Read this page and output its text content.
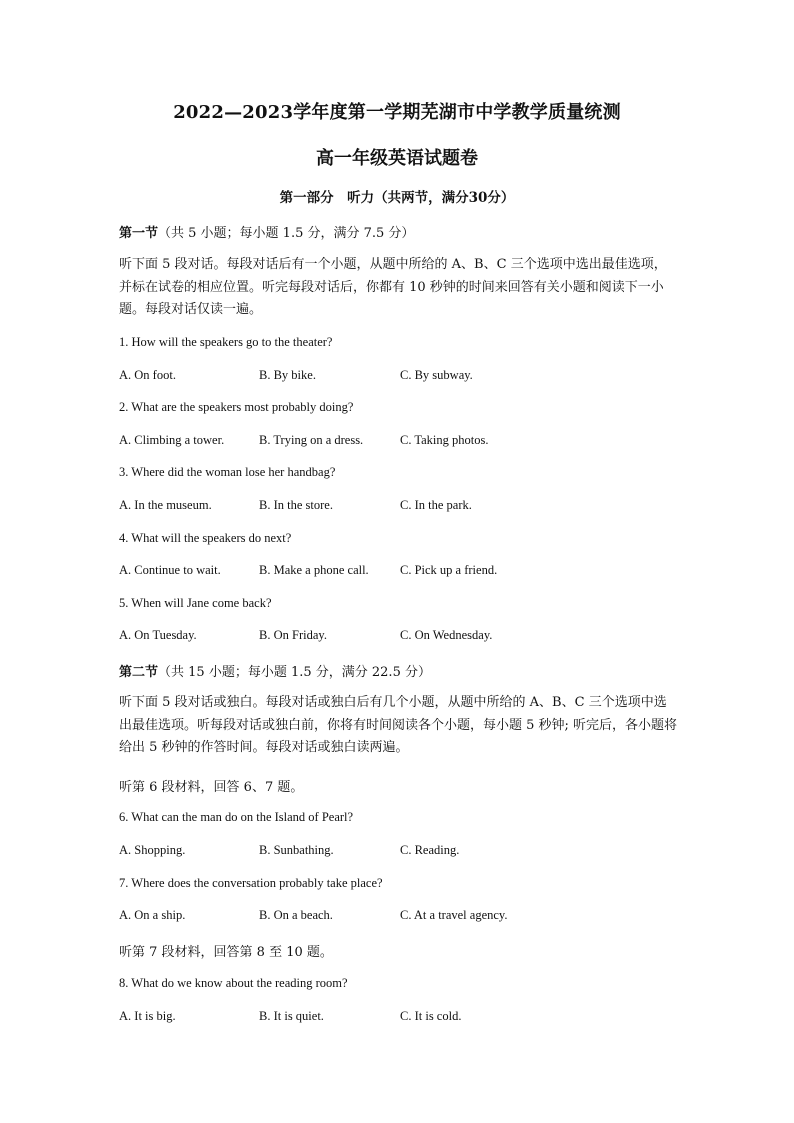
2022—2023学年度第一学期芜湖市中学教学质量统测
高一年级英语试题卷
第一部分　听力（共两节，满分30分）
第一节（共 5 小题；每小题 1.5 分，满分 7.5 分）
听下面 5 段对话。每段对话后有一个小题，从题中所给的 A、B、C 三个选项中选出最佳选项，并标在试卷的相应位置。听完每段对话后，你都有 10 秒钟的时间来回答有关小题和阅读下一小题。每段对话仅读一遍。
1. How will the speakers go to the theater?
A. On foot.	B. By bike.	C. By subway.
2. What are the speakers most probably doing?
A. Climbing a tower.	B. Trying on a dress.	C. Taking photos.
3. Where did the woman lose her handbag?
A. In the museum.	B. In the store.	C. In the park.
4. What will the speakers do next?
A. Continue to wait.	B. Make a phone call.	C. Pick up a friend.
5. When will Jane come back?
A. On Tuesday.	B. On Friday.	C. On Wednesday.
第二节（共 15 小题；每小题 1.5 分，满分 22.5 分）
听下面 5 段对话或独白。每段对话或独白后有几个小题，从题中所给的 A、B、C 三个选项中选出最佳选项。听每段对话或独白前，你将有时间阅读各个小题，每小题 5 秒钟; 听完后，各小题将给出 5 秒钟的作答时间。每段对话或独白读两遍。
听第 6 段材料，回答 6、7 题。
6. What can the man do on the Island of Pearl?
A. Shopping.	B. Sunbathing.	C. Reading.
7. Where does the conversation probably take place?
A. On a ship.	B. On a beach.	C. At a travel agency.
听第 7 段材料，回答第 8 至 10 题。
8. What do we know about the reading room?
A. It is big.	B. It is quiet.	C. It is cold.
